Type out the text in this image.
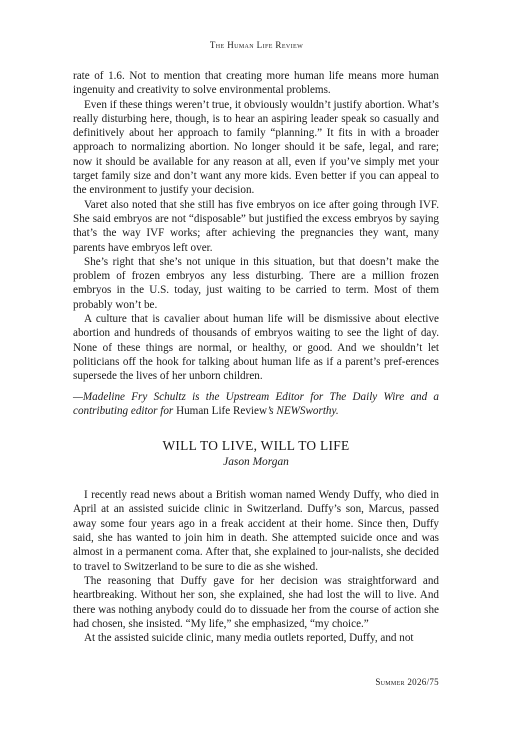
The Human Life Review

rate of 1.6. Not to mention that creating more human life means more human ingenuity and creativity to solve environmental problems.

Even if these things weren’t true, it obviously wouldn’t justify abortion. What’s really disturbing here, though, is to hear an aspiring leader speak so casually and definitively about her approach to family “planning.” It fits in with a broader approach to normalizing abortion. No longer should it be safe, legal, and rare; now it should be available for any reason at all, even if you’ve simply met your target family size and don’t want any more kids. Even better if you can appeal to the environment to justify your decision.

Varet also noted that she still has five embryos on ice after going through IVF. She said embryos are not “disposable” but justified the excess embryos by saying that’s the way IVF works; after achieving the pregnancies they want, many parents have embryos left over.

She’s right that she’s not unique in this situation, but that doesn’t make the problem of frozen embryos any less disturbing. There are a million frozen embryos in the U.S. today, just waiting to be carried to term. Most of them probably won’t be.

A culture that is cavalier about human life will be dismissive about elective abortion and hundreds of thousands of embryos waiting to see the light of day. None of these things are normal, or healthy, or good. And we shouldn’t let politicians off the hook for talking about human life as if a parent’s pref-erences supersede the lives of her unborn children.

—Madeline Fry Schultz is the Upstream Editor for The Daily Wire and a contributing editor for Human Life Review’s NEWSworthy.

WILL TO LIVE, WILL TO LIFE

Jason Morgan

I recently read news about a British woman named Wendy Duffy, who died in April at an assisted suicide clinic in Switzerland. Duffy’s son, Marcus, passed away some four years ago in a freak accident at their home. Since then, Duffy said, she has wanted to join him in death. She attempted suicide once and was almost in a permanent coma. After that, she explained to jour-nalists, she decided to travel to Switzerland to be sure to die as she wished.

The reasoning that Duffy gave for her decision was straightforward and heartbreaking. Without her son, she explained, she had lost the will to live. And there was nothing anybody could do to dissuade her from the course of action she had chosen, she insisted. “My life,” she emphasized, “my choice.”

At the assisted suicide clinic, many media outlets reported, Duffy, and not

Summer 2026/75
